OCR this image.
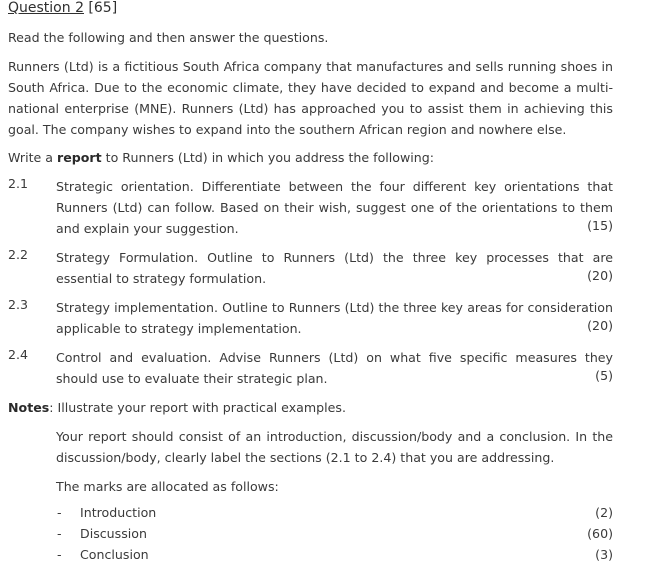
Question 2 [65]
Read the following and then answer the questions.
Runners (Ltd) is a fictitious South Africa company that manufactures and sells running shoes in South Africa. Due to the economic climate, they have decided to expand and become a multi-national enterprise (MNE). Runners (Ltd) has approached you to assist them in achieving this goal. The company wishes to expand into the southern African region and nowhere else.
Write a report to Runners (Ltd) in which you address the following:
2.1 Strategic orientation. Differentiate between the four different key orientations that Runners (Ltd) can follow. Based on their wish, suggest one of the orientations to them and explain your suggestion.	(15)
2.2 Strategy Formulation. Outline to Runners (Ltd) the three key processes that are essential to strategy formulation.	(20)
2.3 Strategy implementation. Outline to Runners (Ltd) the three key areas for consideration applicable to strategy implementation.	(20)
2.4 Control and evaluation. Advise Runners (Ltd) on what five specific measures they should use to evaluate their strategic plan.	(5)
Notes: Illustrate your report with practical examples.
Your report should consist of an introduction, discussion/body and a conclusion. In the discussion/body, clearly label the sections (2.1 to 2.4) that you are addressing.
The marks are allocated as follows:
- Introduction	(2)
- Discussion	(60)
- Conclusion	(3)
